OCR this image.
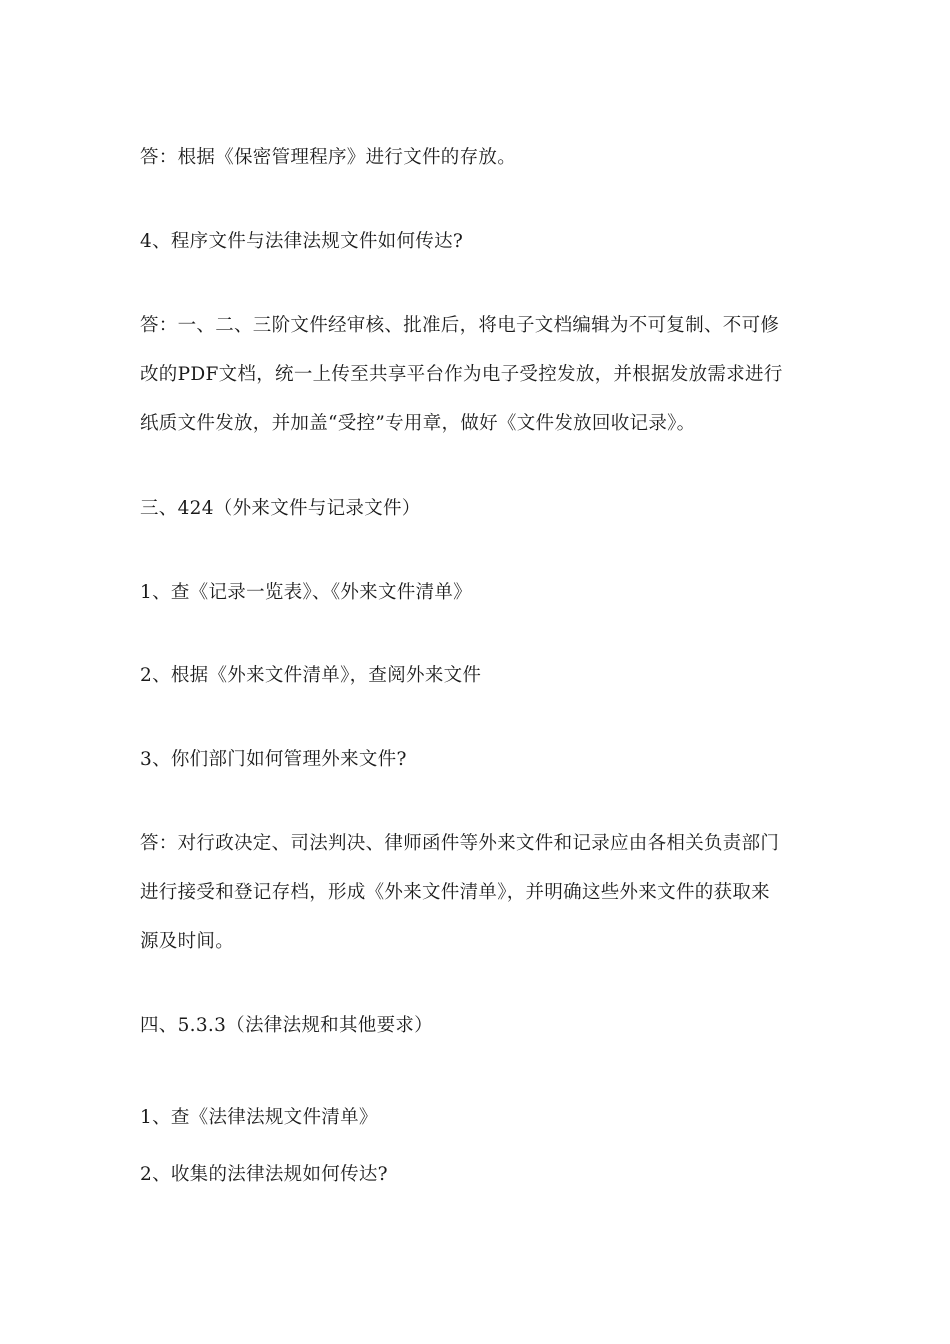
答：根据《保密管理程序》进行文件的存放。
4、程序文件与法律法规文件如何传达?
答：一、二、三阶文件经审核、批准后，将电子文档编辑为不可复制、不可修
改的PDF文档，统一上传至共享平台作为电子受控发放，并根据发放需求进行
纸质文件发放，并加盖“受控”专用章，做好《文件发放回收记录》。
三、424（外来文件与记录文件）
1、查《记录一览表》、《外来文件清单》
2、根据《外来文件清单》，查阅外来文件
3、你们部门如何管理外来文件?
答：对行政决定、司法判决、律师函件等外来文件和记录应由各相关负责部门
进行接受和登记存档，形成《外来文件清单》，并明确这些外来文件的获取来
源及时间。
四、5.3.3（法律法规和其他要求）
1、查《法律法规文件清单》
2、收集的法律法规如何传达?
